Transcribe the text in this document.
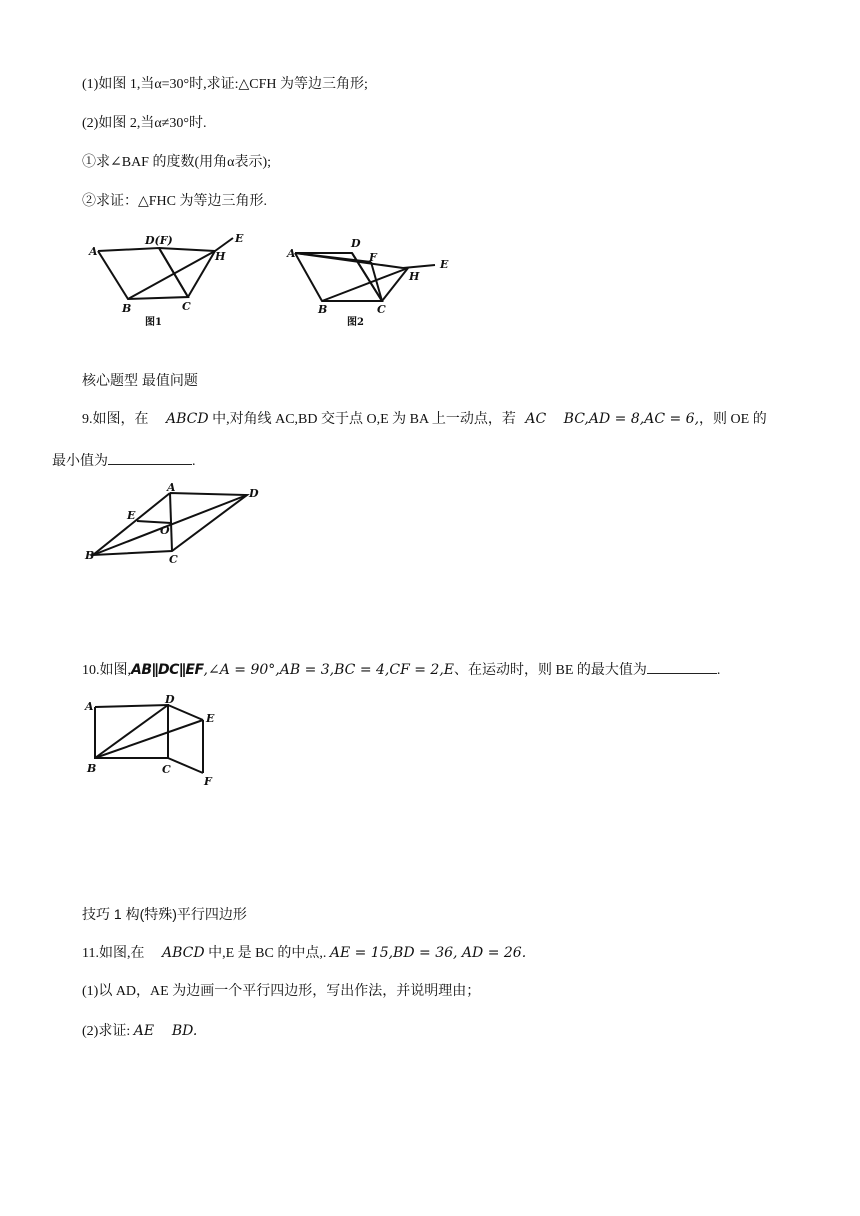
(1)如图 1,当α=30°时,求证:△CFH 为等边三角形;
(2)如图 2,当α≠30°时.
①求∠BAF 的度数(用角α表示);
②求证：△FHC 为等边三角形.
A
D(F)	E
H
B	C
图1
A
D
F
E
H
B	C
图2
核心题型 最值问题
9.如图，在 ABCD 中,对角线 AC,BD 交于点 O,E 为 BA 上一动点，若 AC BC,AD = 8,AC = 6,，则 OE 的
最小值为	.
A	D
E
O
B	C
10.如图,AB∥DC∥EF,∠A = 90°,AB = 3,BC = 4,CF = 2,E、在运动时，则 BE 的最大值为	.
A
D
E
B	C
F
技巧 1 构(特殊)平行四边形
11.如图,在 ABCD 中,E 是 BC 的中点,. AE = 15,BD = 36, AD = 26.
(1)以 AD，AE 为边画一个平行四边形，写出作法，并说明理由；
(2)求证: AE    BD.
